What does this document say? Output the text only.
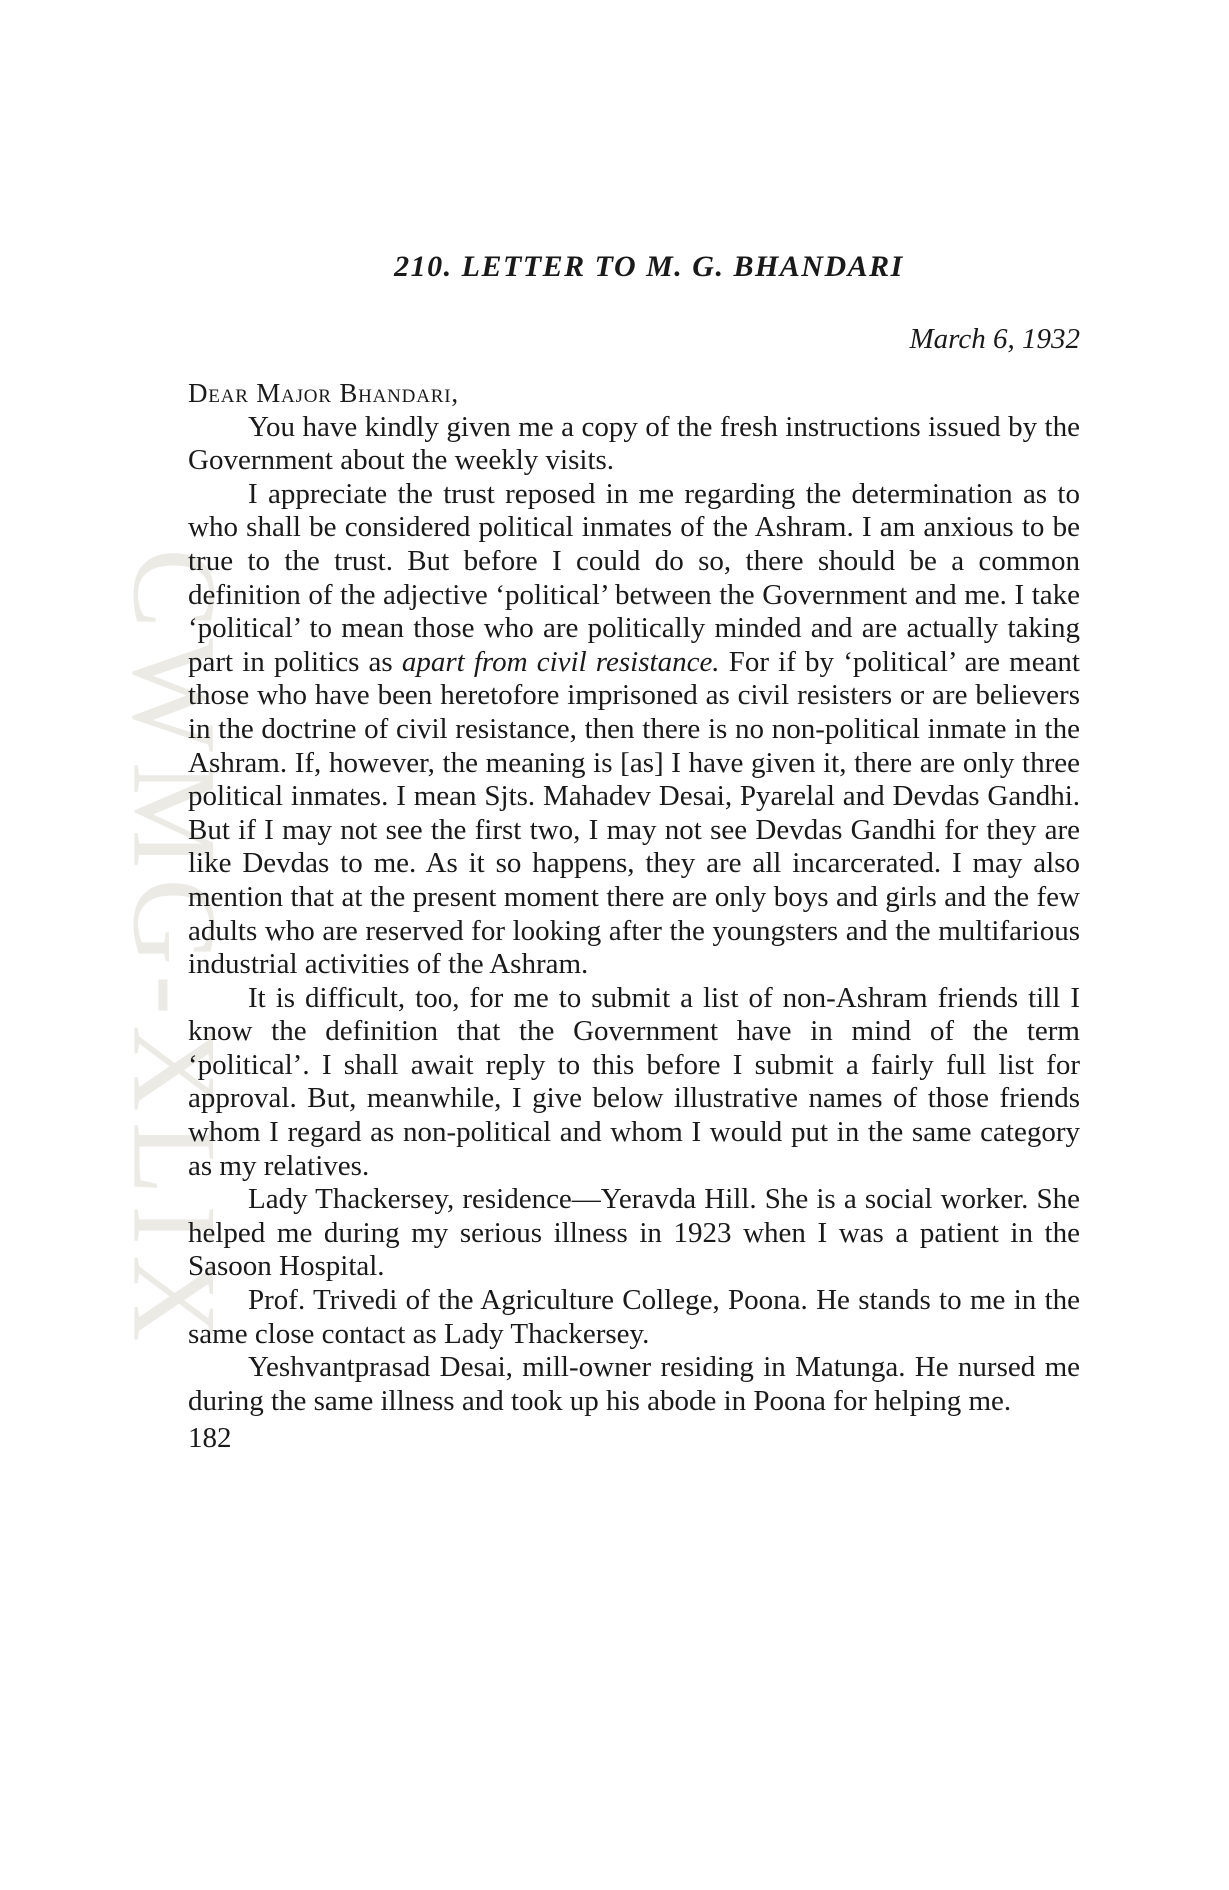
CWMG-XLIX
210. LETTER TO M. G. BHANDARI
March 6, 1932
Dear Major Bhandari,

You have kindly given me a copy of the fresh instructions issued by the Government about the weekly visits.

I appreciate the trust reposed in me regarding the determination as to who shall be considered political inmates of the Ashram. I am anxious to be true to the trust. But before I could do so, there should be a common definition of the adjective ‘political’ between the Government and me. I take ‘political’ to mean those who are politically minded and are actually taking part in politics as apart from civil resistance. For if by ‘political’ are meant those who have been heretofore imprisoned as civil resisters or are believers in the doctrine of civil resistance, then there is no non-political inmate in the Ashram. If, however, the meaning is [as] I have given it, there are only three political inmates. I mean Sjts. Mahadev Desai, Pyarelal and Devdas Gandhi. But if I may not see the first two, I may not see Devdas Gandhi for they are like Devdas to me. As it so happens, they are all incarcerated. I may also mention that at the present moment there are only boys and girls and the few adults who are reserved for looking after the youngsters and the multifarious industrial activities of the Ashram.

It is difficult, too, for me to submit a list of non-Ashram friends till I know the definition that the Government have in mind of the term ‘political’. I shall await reply to this before I submit a fairly full list for approval. But, meanwhile, I give below illustrative names of those friends whom I regard as non-political and whom I would put in the same category as my relatives.

Lady Thackersey, residence—Yeravda Hill. She is a social worker. She helped me during my serious illness in 1923 when I was a patient in the Sasoon Hospital.

Prof. Trivedi of the Agriculture College, Poona. He stands to me in the same close contact as Lady Thackersey.

Yeshvantprasad Desai, mill-owner residing in Matunga. He nursed me during the same illness and took up his abode in Poona for helping me.

182
